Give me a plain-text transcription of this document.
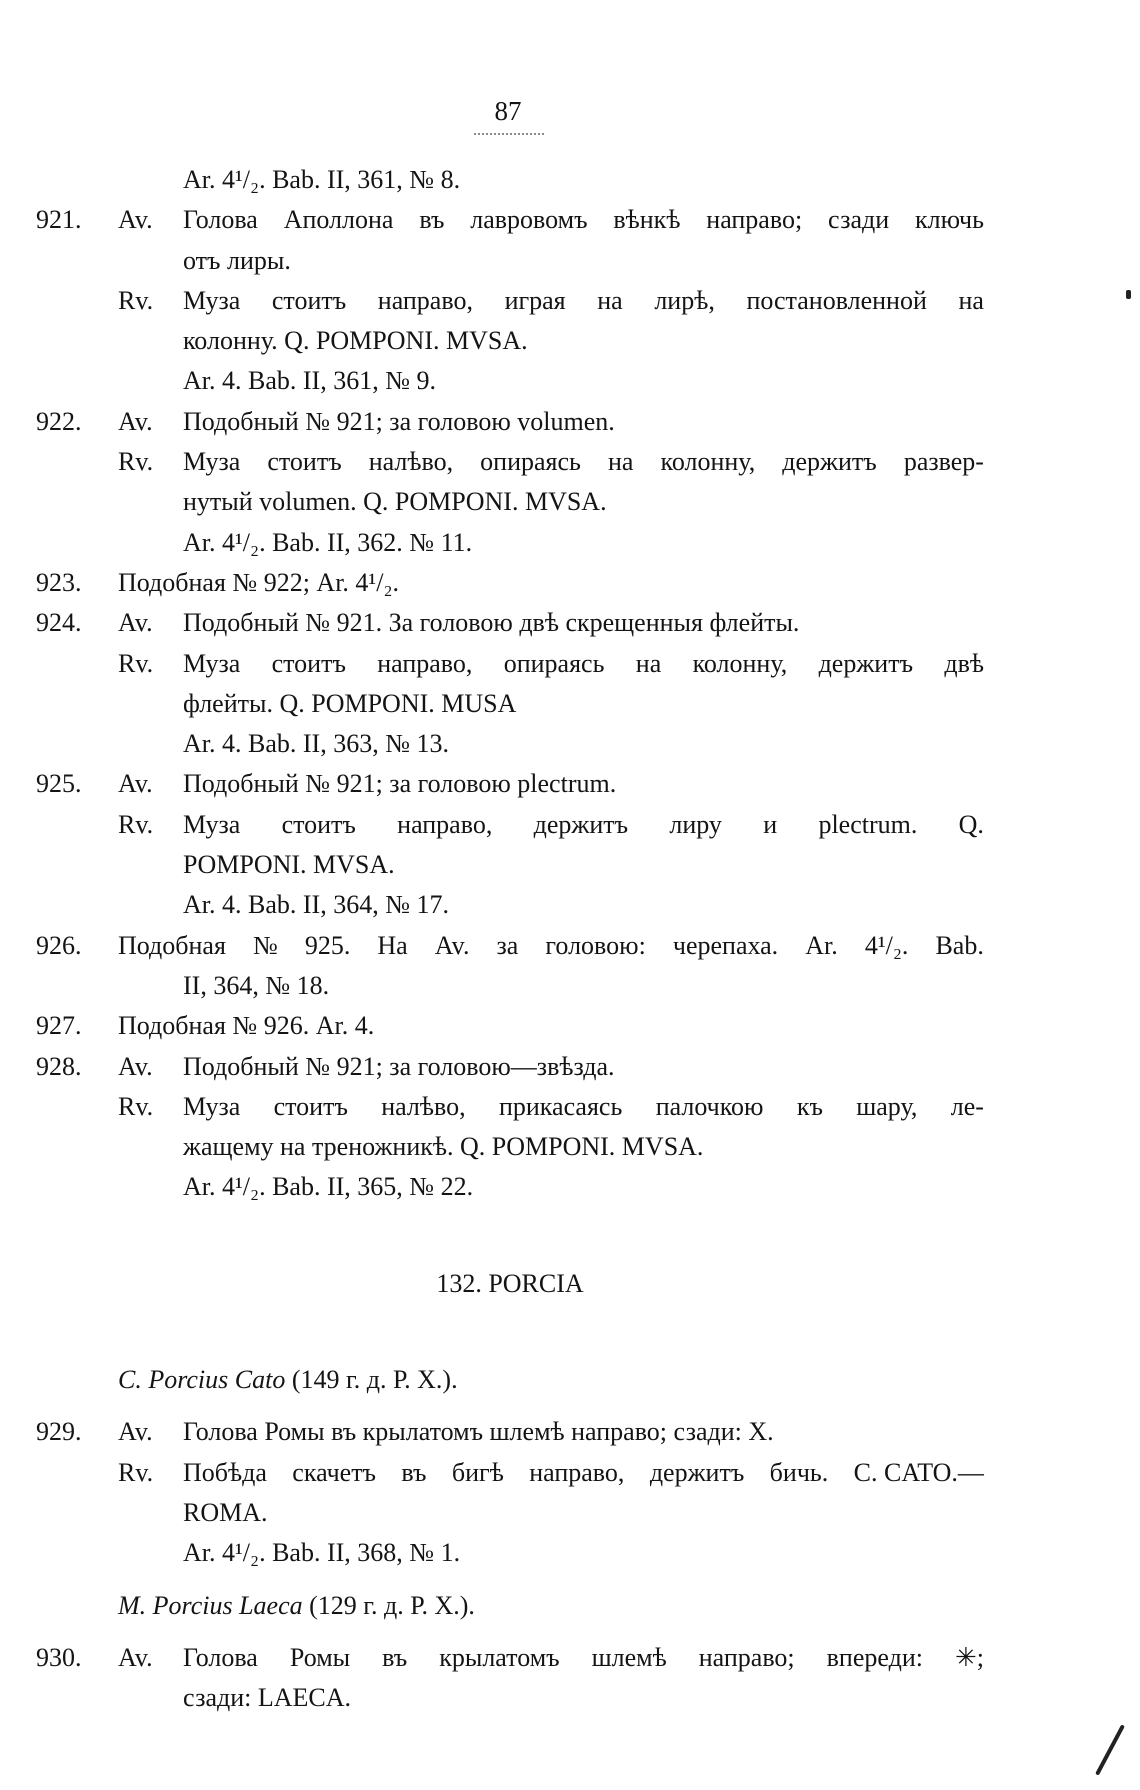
87
Ar. 4¹/₂. Bab. II, 361, № 8.
921. Av. Голова Аполлона въ лавровомъ вѣнкѣ направо; сзади ключь
отъ лиры.
Rv. Муза стоитъ направо, играя на лирѣ, постановленной на
колонну. Q. POMPONI. MVSA.
Ar. 4. Bab. II, 361, № 9.
922. Av. Подобный № 921; за головою volumen.
Rv. Муза стоитъ налѣво, опираясь на колонну, держитъ развер-
нутый volumen. Q. POMPONI. MVSA.
Ar. 4¹/₂. Bab. II, 362. № 11.
923. Подобная № 922; Ar. 4¹/₂.
924. Av. Подобный № 921. За головою двѣ скрещенныя флейты.
Rv. Муза стоитъ направо, опираясь на колонну, держитъ двѣ
флейты. Q. POMPONI. MUSA
Ar. 4. Bab. II, 363, № 13.
925. Av. Подобный № 921; за головою plectrum.
Rv. Муза стоитъ направо, держитъ лиру и plectrum. Q.
POMPONI. MVSA.
Ar. 4. Bab. II, 364, № 17.
926. Подобная № 925. На Av. за головою: черепаха. Ar. 4¹/₂. Bab.
II, 364, № 18.
927. Подобная № 926. Ar. 4.
928. Av. Подобный № 921; за головою—звѣзда.
Rv. Муза стоитъ налѣво, прикасаясь палочкою къ шару, ле-
жащему на треножникѣ. Q. POMPONI. MVSA.
Ar. 4¹/₂. Bab. II, 365, № 22.
132. PORCIA
C. Porcius Cato (149 г. д. Р. Х.).
929. Av. Голова Ромы въ крылатомъ шлемѣ направо; сзади: X.
Rv. Побѣда скачетъ въ бигѣ направо, держитъ бичь. C. CATO.—
ROMA.
Ar. 4¹/₂. Bab. II, 368, № 1.
M. Porcius Laeca (129 г. д. Р. Х.).
930. Av. Голова Ромы въ крылатомъ шлемѣ направо; впереди: ✳;
сзади: LAECA.
